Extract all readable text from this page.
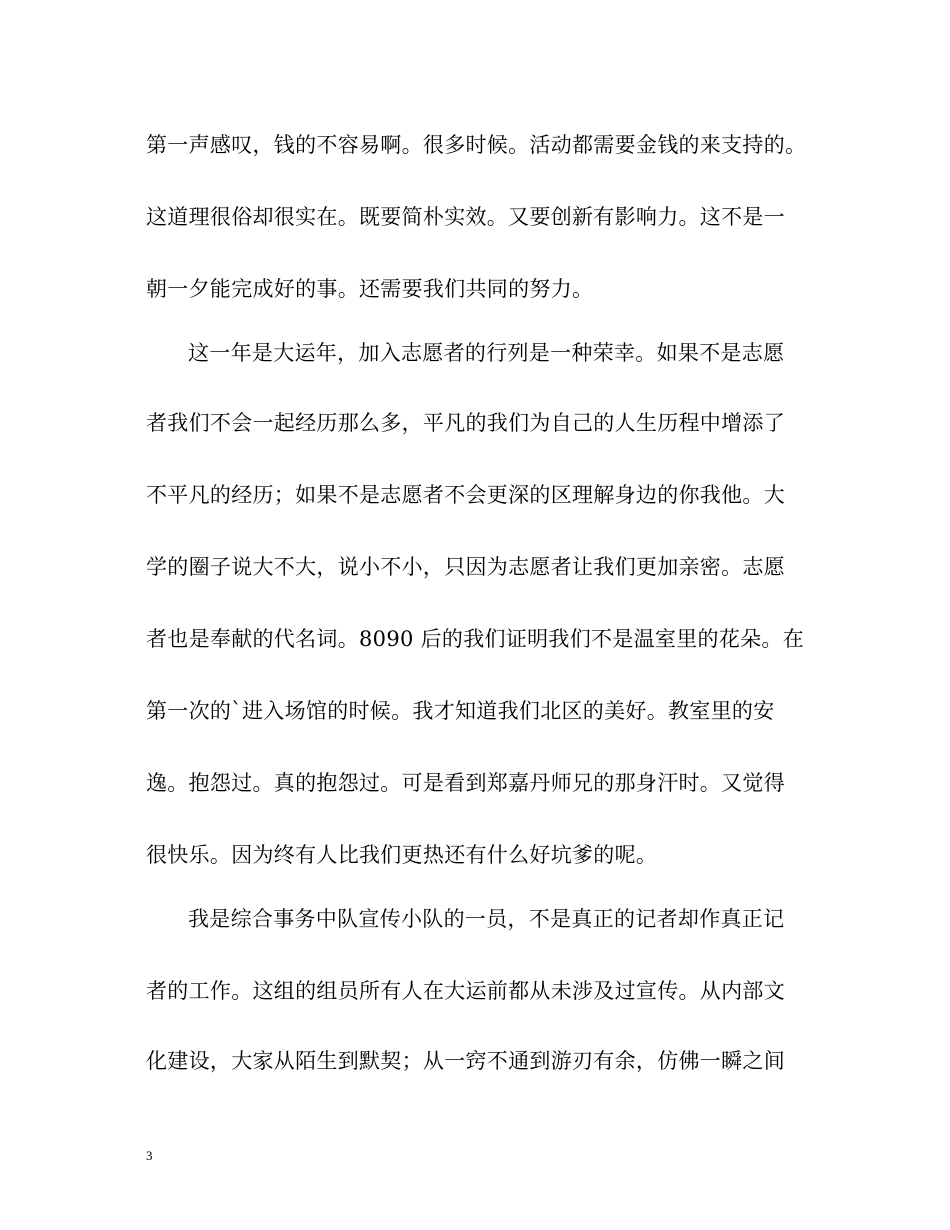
第一声感叹，钱的不容易啊。很多时候。活动都需要金钱的来支持的。
这道理很俗却很实在。既要简朴实效。又要创新有影响力。这不是一
朝一夕能完成好的事。还需要我们共同的努力。
这一年是大运年，加入志愿者的行列是一种荣幸。如果不是志愿
者我们不会一起经历那么多，平凡的我们为自己的人生历程中增添了
不平凡的经历；如果不是志愿者不会更深的区理解身边的你我他。大
学的圈子说大不大，说小不小，只因为志愿者让我们更加亲密。志愿
者也是奉献的代名词。8090 后的我们证明我们不是温室里的花朵。在
第一次的`进入场馆的时候。我才知道我们北区的美好。教室里的安
逸。抱怨过。真的抱怨过。可是看到郑嘉丹师兄的那身汗时。又觉得
很快乐。因为终有人比我们更热还有什么好坑爹的呢。
我是综合事务中队宣传小队的一员，不是真正的记者却作真正记
者的工作。这组的组员所有人在大运前都从未涉及过宣传。从内部文
化建设，大家从陌生到默契；从一窍不通到游刃有余，仿佛一瞬之间
3
